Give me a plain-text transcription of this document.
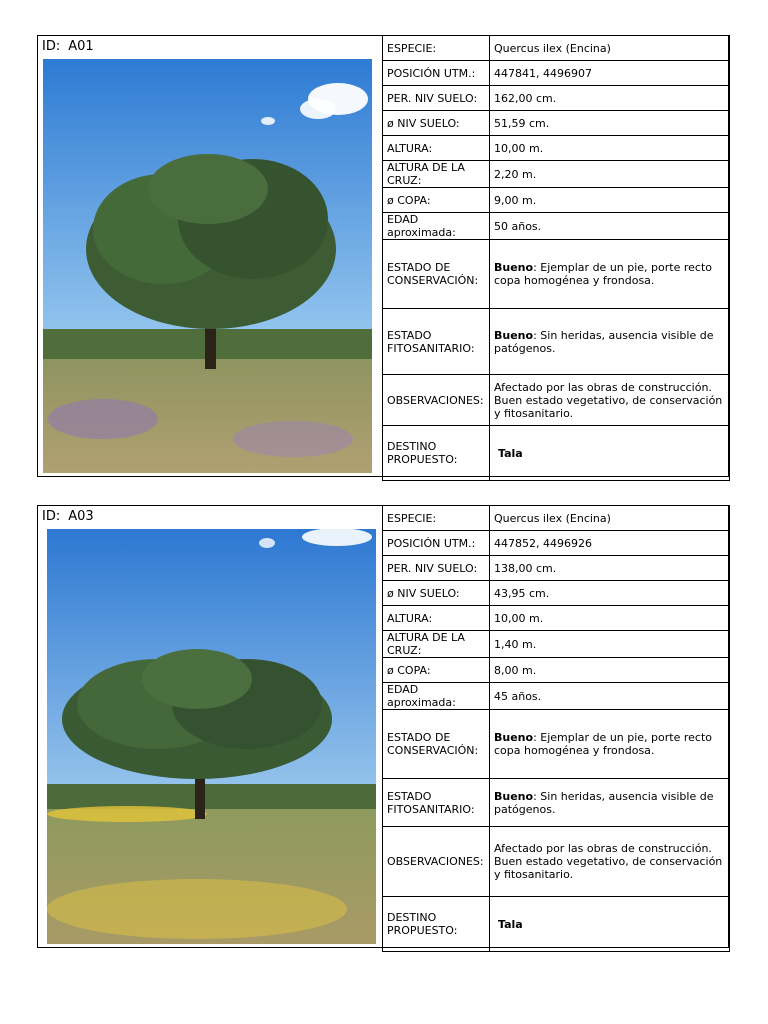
ID: A01	ESPECIE:	Quercus ilex (Encina)
POSICIÓN UTM.:	447841, 4496907
PER. NIV SUELO:	162,00 cm.
ø NIV SUELO:	51,59 cm.
ALTURA:	10,00 m.
ALTURA DE LA CRUZ:	2,20 m.
ø COPA:	9,00 m.
EDAD aproximada:	50 años.
ESTADO DE CONSERVACIÓN:	Bueno: Ejemplar de un pie, porte recto copa homogénea y frondosa.
ESTADO FITOSANITARIO:	Bueno: Sin heridas, ausencia visible de patógenos.
OBSERVACIONES:	Afectado por las obras de construcción. Buen estado vegetativo, de conservación y fitosanitario.
DESTINO PROPUESTO:	Tala
ID: A03	ESPECIE:	Quercus ilex (Encina)
POSICIÓN UTM.:	447852, 4496926
PER. NIV SUELO:	138,00 cm.
ø NIV SUELO:	43,95 cm.
ALTURA:	10,00 m.
ALTURA DE LA CRUZ:	1,40 m.
ø COPA:	8,00 m.
EDAD aproximada:	45 años.
ESTADO DE CONSERVACIÓN:	Bueno: Ejemplar de un pie, porte recto copa homogénea y frondosa.
ESTADO FITOSANITARIO:	Bueno: Sin heridas, ausencia visible de patógenos.
OBSERVACIONES:	Afectado por las obras de construcción. Buen estado vegetativo, de conservación y fitosanitario.
DESTINO PROPUESTO:	Tala
